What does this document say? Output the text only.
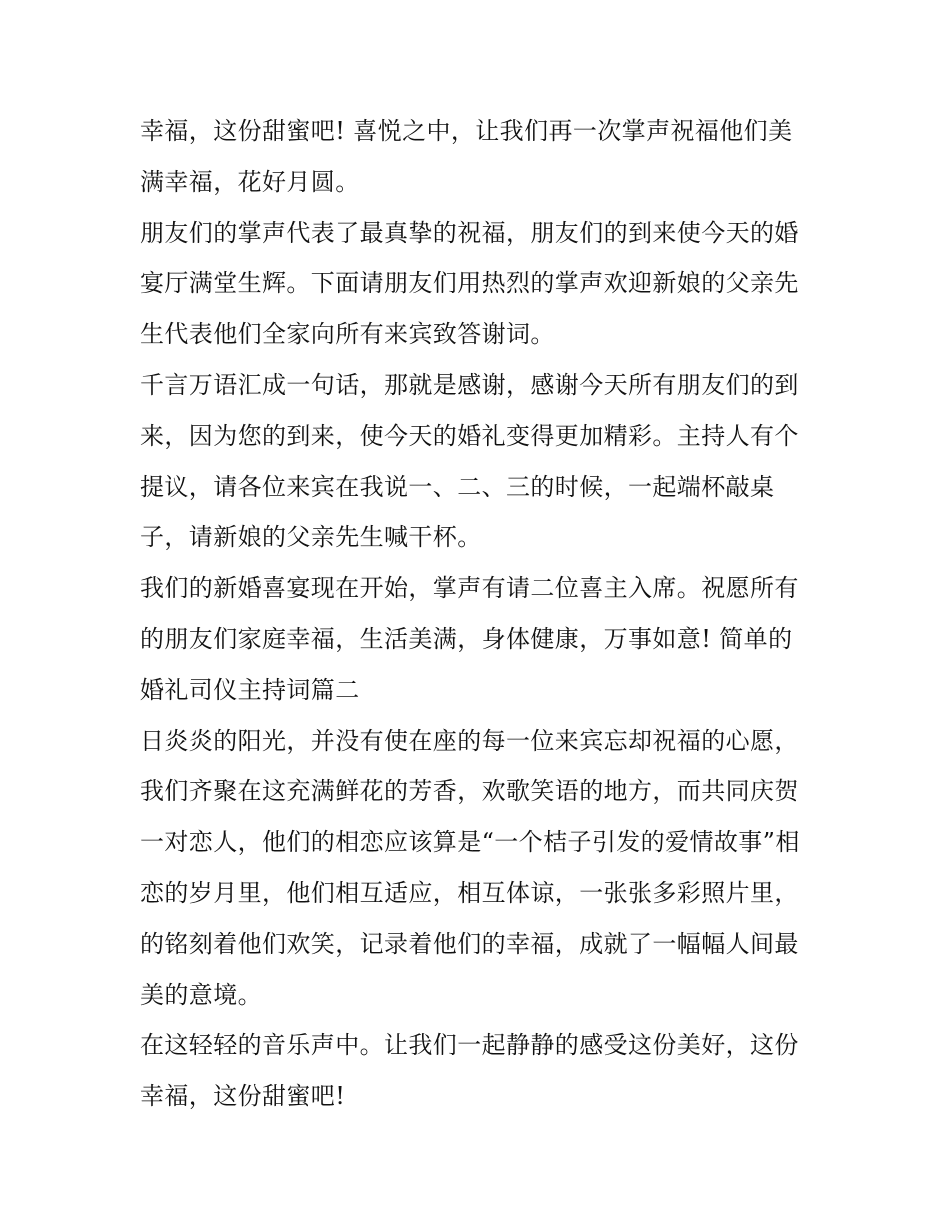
幸福，这份甜蜜吧! 喜悦之中，让我们再一次掌声祝福他们美
满幸福，花好月圆。
朋友们的掌声代表了最真挚的祝福，朋友们的到来使今天的婚
宴厅满堂生辉。下面请朋友们用热烈的掌声欢迎新娘的父亲先
生代表他们全家向所有来宾致答谢词。
千言万语汇成一句话，那就是感谢，感谢今天所有朋友们的到
来，因为您的到来，使今天的婚礼变得更加精彩。主持人有个
提议，请各位来宾在我说一、二、三的时候，一起端杯敲桌
子，请新娘的父亲先生喊干杯。
我们的新婚喜宴现在开始，掌声有请二位喜主入席。祝愿所有
的朋友们家庭幸福，生活美满，身体健康，万事如意! 简单的
婚礼司仪主持词篇二
日炎炎的阳光，并没有使在座的每一位来宾忘却祝福的心愿，
我们齐聚在这充满鲜花的芳香，欢歌笑语的地方，而共同庆贺
一对恋人，他们的相恋应该算是“一个桔子引发的爱情故事”相
恋的岁月里，他们相互适应，相互体谅，一张张多彩照片里，
的铭刻着他们欢笑，记录着他们的幸福，成就了一幅幅人间最
美的意境。
在这轻轻的音乐声中。让我们一起静静的感受这份美好，这份
幸福，这份甜蜜吧!
